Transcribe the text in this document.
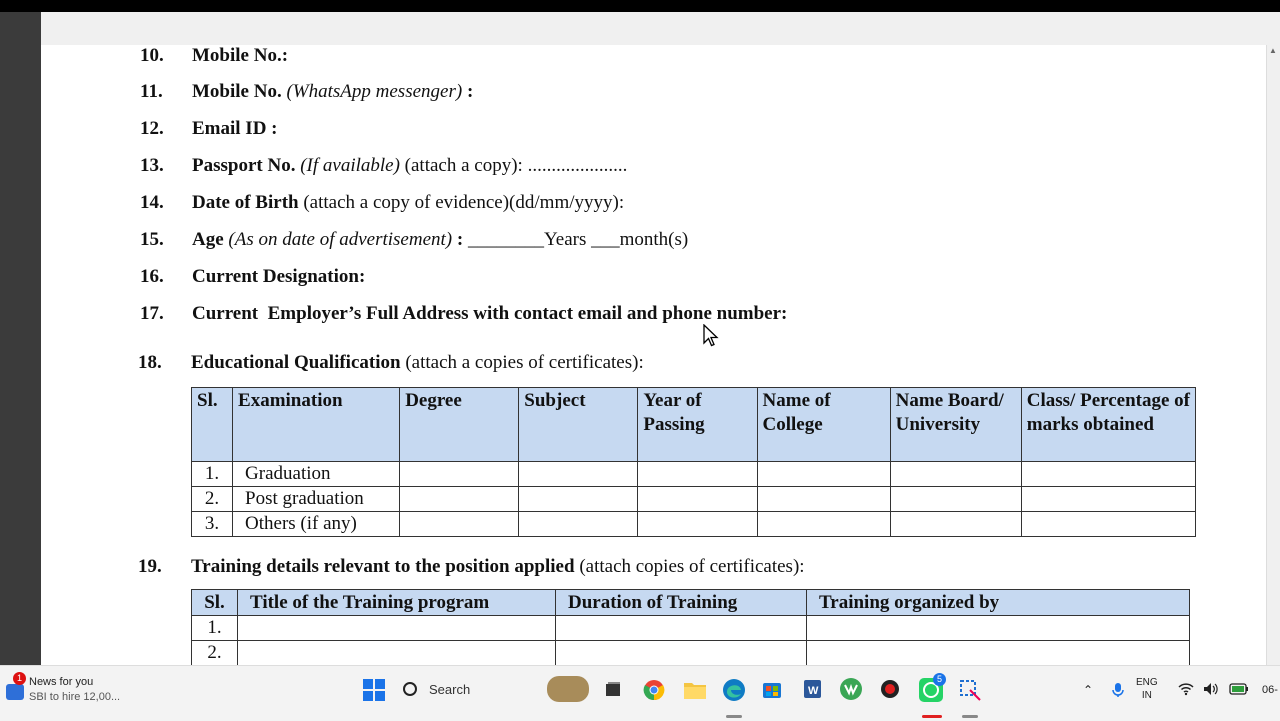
10. Mobile No.:
11. Mobile No. (WhatsApp messenger) :
12. Email ID :
13. Passport No. (If available) (attach a copy): .....................
14. Date of Birth (attach a copy of evidence)(dd/mm/yyyy):
15. Age (As on date of advertisement) : ________Years ___month(s)
16. Current Designation:
17. Current  Employer’s Full Address with contact email and phone number:
18. Educational Qualification (attach a copies of certificates):
Sl.	Examination	Degree	Subject	Year of Passing	Name of College	Name Board/ University	Class/ Percentage of marks obtained
1.	Graduation						
2.	Post graduation						
3.	Others (if any)						
19. Training details relevant to the position applied (attach copies of certificates):
Sl.	Title of the Training program	Duration of Training	Training organized by
1.			
2.			
▲
1 News for you
SBI to hire 12,00...	Search	W
5
⌃
ENG
IN	06-
